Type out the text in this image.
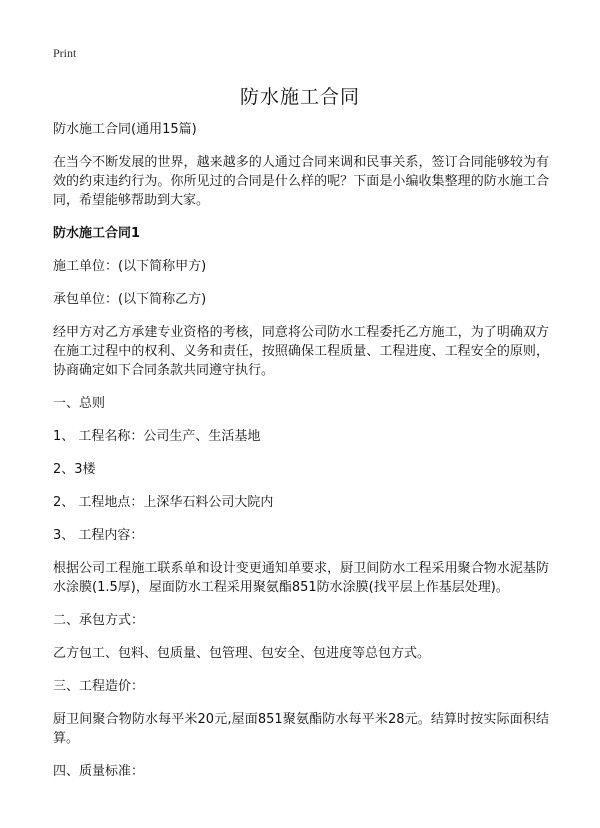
Print
防水施工合同

防水施工合同(通用15篇)

在当今不断发展的世界，越来越多的人通过合同来调和民事关系，签订合同能够较为有效的约束违约行为。你所见过的合同是什么样的呢？下面是小编收集整理的防水施工合同，希望能够帮助到大家。

防水施工合同1

施工单位：(以下简称甲方)

承包单位：(以下简称乙方)

经甲方对乙方承建专业资格的考核，同意将公司防水工程委托乙方施工，为了明确双方在施工过程中的权利、义务和责任，按照确保工程质量、工程进度、工程安全的原则，协商确定如下合同条款共同遵守执行。

一、总则

1、 工程名称：公司生产、生活基地

2、3楼

2、 工程地点：上深华石料公司大院内

3、 工程内容：

根据公司工程施工联系单和设计变更通知单要求，厨卫间防水工程采用聚合物水泥基防水涂膜(1.5厚)，屋面防水工程采用聚氨酯851防水涂膜(找平层上作基层处理)。

二、承包方式：

乙方包工、包料、包质量、包管理、包安全、包进度等总包方式。

三、工程造价：

厨卫间聚合物防水每平米20元,屋面851聚氨酯防水每平米28元。结算时按实际面积结算。

四、质量标准：
